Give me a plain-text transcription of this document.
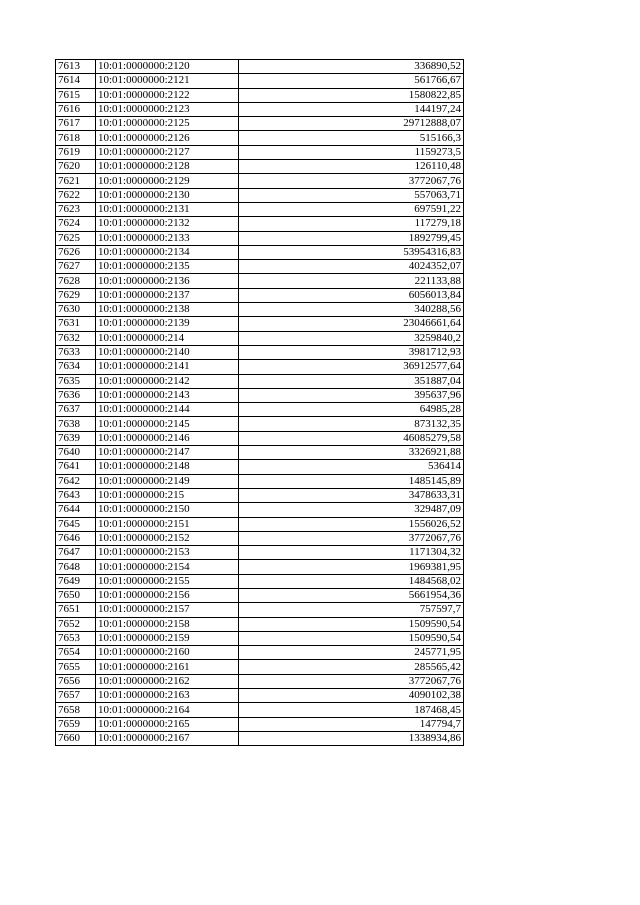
7613	10:01:0000000:2120	336890,52
7614	10:01:0000000:2121	561766,67
7615	10:01:0000000:2122	1580822,85
7616	10:01:0000000:2123	144197,24
7617	10:01:0000000:2125	29712888,07
7618	10:01:0000000:2126	515166,3
7619	10:01:0000000:2127	1159273,5
7620	10:01:0000000:2128	126110,48
7621	10:01:0000000:2129	3772067,76
7622	10:01:0000000:2130	557063,71
7623	10:01:0000000:2131	697591,22
7624	10:01:0000000:2132	117279,18
7625	10:01:0000000:2133	1892799,45
7626	10:01:0000000:2134	53954316,83
7627	10:01:0000000:2135	4024352,07
7628	10:01:0000000:2136	221133,88
7629	10:01:0000000:2137	6056013,84
7630	10:01:0000000:2138	340288,56
7631	10:01:0000000:2139	23046661,64
7632	10:01:0000000:214	3259840,2
7633	10:01:0000000:2140	3981712,93
7634	10:01:0000000:2141	36912577,64
7635	10:01:0000000:2142	351887,04
7636	10:01:0000000:2143	395637,96
7637	10:01:0000000:2144	64985,28
7638	10:01:0000000:2145	873132,35
7639	10:01:0000000:2146	46085279,58
7640	10:01:0000000:2147	3326921,88
7641	10:01:0000000:2148	536414
7642	10:01:0000000:2149	1485145,89
7643	10:01:0000000:215	3478633,31
7644	10:01:0000000:2150	329487,09
7645	10:01:0000000:2151	1556026,52
7646	10:01:0000000:2152	3772067,76
7647	10:01:0000000:2153	1171304,32
7648	10:01:0000000:2154	1969381,95
7649	10:01:0000000:2155	1484568,02
7650	10:01:0000000:2156	5661954,36
7651	10:01:0000000:2157	757597,7
7652	10:01:0000000:2158	1509590,54
7653	10:01:0000000:2159	1509590,54
7654	10:01:0000000:2160	245771,95
7655	10:01:0000000:2161	285565,42
7656	10:01:0000000:2162	3772067,76
7657	10:01:0000000:2163	4090102,38
7658	10:01:0000000:2164	187468,45
7659	10:01:0000000:2165	147794,7
7660	10:01:0000000:2167	1338934,86
